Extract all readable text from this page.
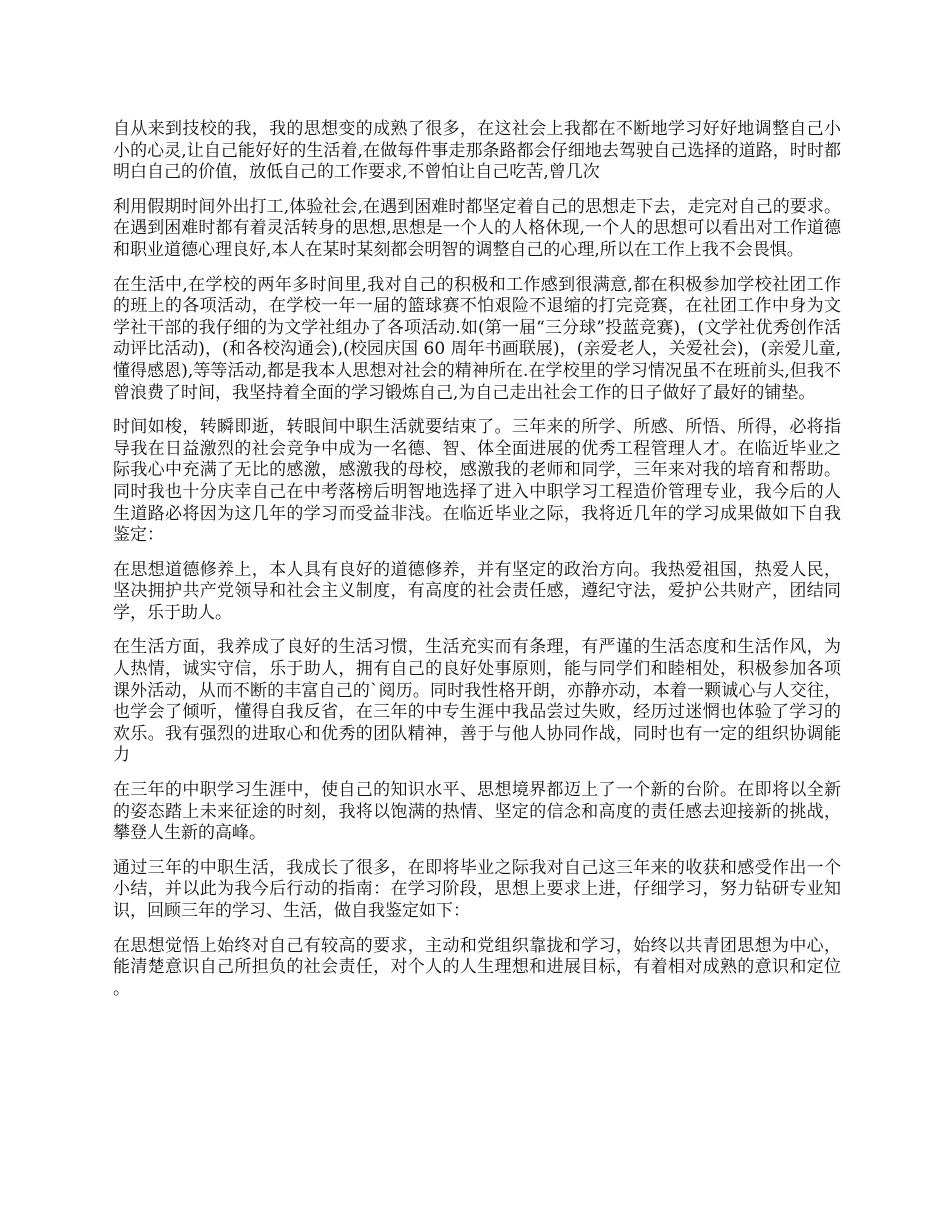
自从来到技校的我，我的思想变的成熟了很多，在这社会上我都在不断地学习好好地调整自己小小的心灵,让自己能好好的生活着,在做每件事走那条路都会仔细地去驾驶自己选择的道路，时时都明白自己的价值，放低自己的工作要求,不曾怕让自己吃苦,曾几次

利用假期时间外出打工,体验社会,在遇到困难时都坚定着自己的思想走下去，走完对自己的要求。在遇到困难时都有着灵活转身的思想,思想是一个人的人格休现,一个人的思想可以看出对工作道德和职业道德心理良好,本人在某时某刻都会明智的调整自己的心理,所以在工作上我不会畏惧。

在生活中,在学校的两年多时间里,我对自己的积极和工作感到很满意,都在积极参加学校社团工作的班上的各项活动，在学校一年一届的篮球赛不怕艰险不退缩的打完竞赛，在社团工作中身为文学社干部的我仔细的为文学社组办了各项活动.如(第一届“三分球”投蓝竞赛)，(文学社优秀创作活动评比活动)，(和各校沟通会),(校园庆国 60 周年书画联展)，(亲爱老人，关爱社会)，(亲爱儿童,懂得感恩),等等活动,都是我本人思想对社会的精神所在.在学校里的学习情况虽不在班前头,但我不曾浪费了时间，我坚持着全面的学习锻炼自己,为自己走出社会工作的日子做好了最好的铺垫。

时间如梭，转瞬即逝，转眼间中职生活就要结束了。三年来的所学、所感、所悟、所得，必将指导我在日益激烈的社会竞争中成为一名德、智、体全面进展的优秀工程管理人才。在临近毕业之际我心中充满了无比的感激，感激我的母校，感激我的老师和同学，三年来对我的培育和帮助。同时我也十分庆幸自己在中考落榜后明智地选择了进入中职学习工程造价管理专业，我今后的人生道路必将因为这几年的学习而受益非浅。在临近毕业之际，我将近几年的学习成果做如下自我鉴定：

在思想道德修养上，本人具有良好的道德修养，并有坚定的政治方向。我热爱祖国，热爱人民，坚决拥护共产党领导和社会主义制度，有高度的社会责任感，遵纪守法，爱护公共财产，团结同学，乐于助人。

在生活方面，我养成了良好的生活习惯，生活充实而有条理，有严谨的生活态度和生活作风，为人热情，诚实守信，乐于助人，拥有自己的良好处事原则，能与同学们和睦相处，积极参加各项课外活动，从而不断的丰富自己的`阅历。同时我性格开朗，亦静亦动，本着一颗诚心与人交往，也学会了倾听，懂得自我反省，在三年的中专生涯中我品尝过失败，经历过迷惘也体验了学习的欢乐。我有强烈的进取心和优秀的团队精神，善于与他人协同作战，同时也有一定的组织协调能力

在三年的中职学习生涯中，使自己的知识水平、思想境界都迈上了一个新的台阶。在即将以全新的姿态踏上未来征途的时刻，我将以饱满的热情、坚定的信念和高度的责任感去迎接新的挑战，攀登人生新的高峰。

通过三年的中职生活，我成长了很多，在即将毕业之际我对自己这三年来的收获和感受作出一个小结，并以此为我今后行动的指南：在学习阶段，思想上要求上进，仔细学习，努力钻研专业知识，回顾三年的学习、生活，做自我鉴定如下：

在思想觉悟上始终对自己有较高的要求，主动和党组织靠拢和学习，始终以共青团思想为中心，能清楚意识自己所担负的社会责任，对个人的人生理想和进展目标，有着相对成熟的意识和定位。
